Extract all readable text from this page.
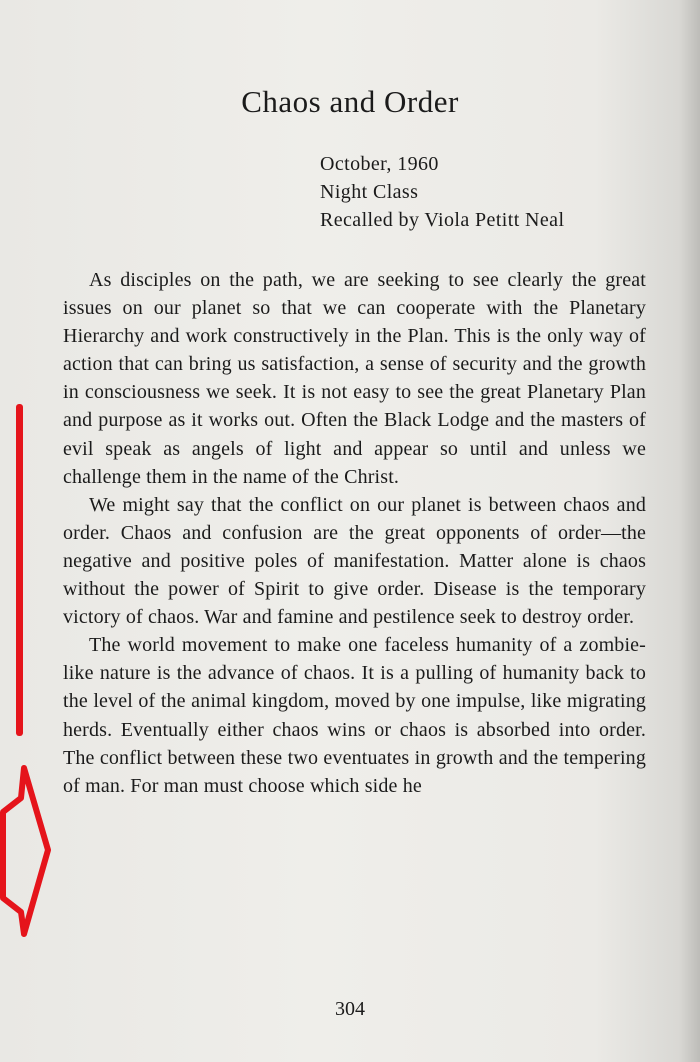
Chaos and Order
October, 1960
Night Class
Recalled by Viola Petitt Neal

As disciples on the path, we are seeking to see clearly the great issues on our planet so that we can cooperate with the Planetary Hierarchy and work constructively in the Plan. This is the only way of action that can bring us satisfaction, a sense of security and the growth in consciousness we seek. It is not easy to see the great Planetary Plan and purpose as it works out. Often the Black Lodge and the masters of evil speak as angels of light and appear so until and unless we challenge them in the name of the Christ.

We might say that the conflict on our planet is between chaos and order. Chaos and confusion are the great opponents of order—the negative and positive poles of manifestation. Matter alone is chaos without the power of Spirit to give order. Disease is the temporary victory of chaos. War and famine and pestilence seek to destroy order.

The world movement to make one faceless humanity of a zombie-like nature is the advance of chaos. It is a pulling of humanity back to the level of the animal kingdom, moved by one impulse, like migrating herds. Eventually either chaos wins or chaos is absorbed into order. The conflict between these two eventuates in growth and the tempering of man. For man must choose which side he

304
